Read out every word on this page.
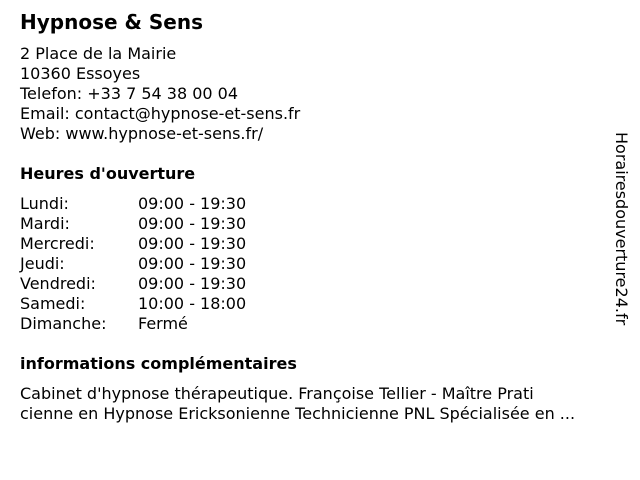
Hypnose & Sens
2 Place de la Mairie
10360 Essoyes
Telefon: +33 7 54 38 00 04
Email: contact@hypnose-et-sens.fr
Web: www.hypnose-et-sens.fr/
Heures d'ouverture
Lundi:	09:00 - 19:30
Mardi:	09:00 - 19:30
Mercredi:	09:00 - 19:30
Jeudi:	09:00 - 19:30
Vendredi:	09:00 - 19:30
Samedi:	10:00 - 18:00
Dimanche:	Fermé
informations complémentaires
Cabinet d'hypnose thérapeutique. Françoise Tellier - Maître Prati
cienne en Hypnose Ericksonienne Technicienne PNL Spécialisée en ...
Horairesdouverture24.fr
